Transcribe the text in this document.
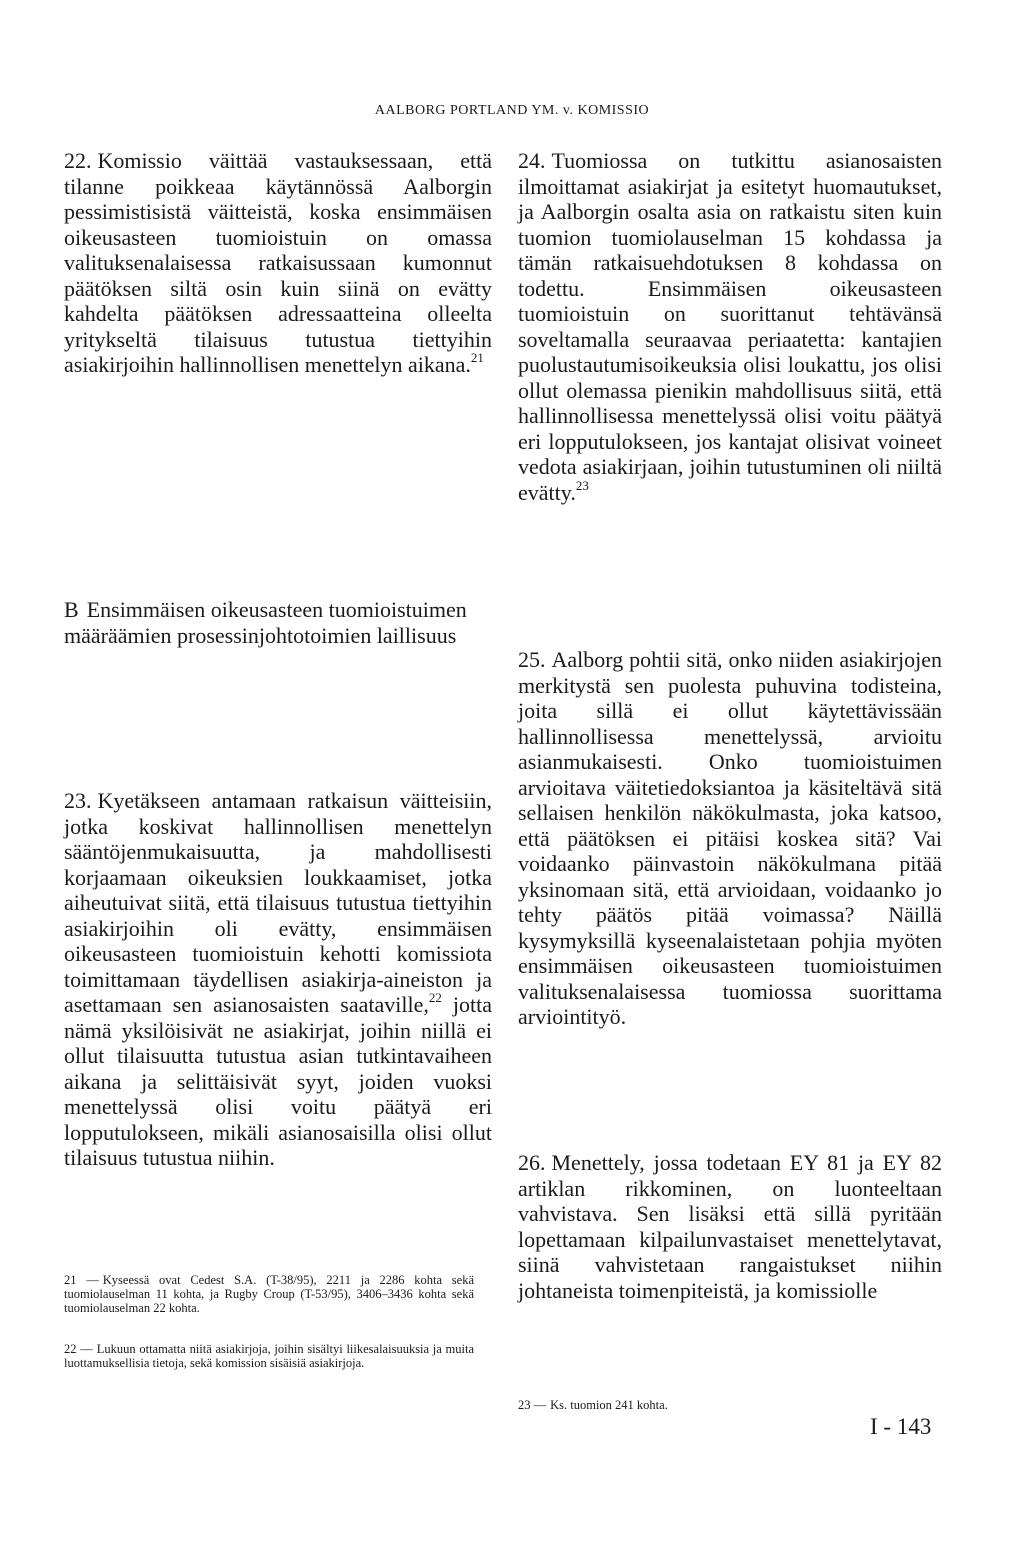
AALBORG PORTLAND YM. v. KOMISSIO

22. Komissio väittää vastauksessaan, että tilanne poikkeaa käytännössä Aalborgin pessimistisistä väitteistä, koska ensimmäisen oikeusasteen tuomioistuin on omassa valituksenalaisessa ratkaisussaan kumonnut päätöksen siltä osin kuin siinä on evätty kahdelta päätöksen adressaatteina olleelta yritykseltä tilaisuus tutustua tiettyihin asiakirjoihin hallinnollisen menettelyn aikana.$^{21}$

24. Tuomiossa on tutkittu asianosaisten ilmoittamat asiakirjat ja esitetyt huomautukset, ja Aalborgin osalta asia on ratkaistu siten kuin tuomion tuomiolauselman 15 kohdassa ja tämän ratkaisuehdotuksen 8 kohdassa on todettu. Ensimmäisen oikeusasteen tuomioistuin on suorittanut tehtävänsä soveltamalla seuraavaa periaatetta: kantajien puolustautumisoikeuksia olisi loukattu, jos olisi ollut olemassa pienikin mahdollisuus siitä, että hallinnollisessa menettelyssä olisi voitu päätyä eri lopputulokseen, jos kantajat olisivat voineet vedota asiakirjaan, joihin tutustuminen oli niiltä evätty.$^{23}$

B Ensimmäisen oikeusasteen tuomioistuimen määräämien prosessinjohtotoimien laillisuus

25. Aalborg pohtii sitä, onko niiden asiakirjojen merkitystä sen puolesta puhuvina todisteina, joita sillä ei ollut käytettävissään hallinnollisessa menettelyssä, arvioitu asianmukaisesti. Onko tuomioistuimen arvioitava väitetiedoksiantoa ja käsiteltävä sitä sellaisen henkilön näkökulmasta, joka katsoo, että päätöksen ei pitäisi koskea sitä? Vai voidaanko päinvastoin näkökulmana pitää yksinomaan sitä, että arvioidaan, voidaanko jo tehty päätös pitää voimassa? Näillä kysymyksillä kyseenalaistetaan pohjia myöten ensimmäisen oikeusasteen tuomioistuimen valituksenalaisessa tuomiossa suorittama arviointityö.

23. Kyetäkseen antamaan ratkaisun väitteisiin, jotka koskivat hallinnollisen menettelyn sääntöjenmukaisuutta, ja mahdollisesti korjaamaan oikeuksien loukkaamiset, jotka aiheutuivat siitä, että tilaisuus tutustua tiettyihin asiakirjoihin oli evätty, ensimmäisen oikeusasteen tuomioistuin kehotti komissiota toimittamaan täydellisen asiakirja-aineiston ja asettamaan sen asianosaisten saataville,$^{22}$ jotta nämä yksilöisivät ne asiakirjat, joihin niillä ei ollut tilaisuutta tutustua asian tutkintavaiheen aikana ja selittäisivät syyt, joiden vuoksi menettelyssä olisi voitu päätyä eri lopputulokseen, mikäli asianosaisilla olisi ollut tilaisuus tutustua niihin.	26. Menettely, jossa todetaan EY 81 ja EY 82 artiklan rikkominen, on luonteeltaan vahvistava. Sen lisäksi että sillä pyritään lopettamaan kilpailunvastaiset menettelytavat, siinä vahvistetaan rangaistukset niihin johtaneista toimenpiteistä, ja komissiolle

21 — Kyseessä ovat Cedest S.A. (T-38/95), 2211 ja 2286 kohta sekä tuomiolauselman 11 kohta, ja Rugby Croup (T-53/95), 3406–3436 kohta sekä tuomiolauselman 22 kohta.

22 — Lukuun ottamatta niitä asiakirjoja, joihin sisältyi liikesalaisuuksia ja muita luottamuksellisia tietoja, sekä komission sisäisiä asiakirjoja.

23 — Ks. tuomion 241 kohta.

I - 143
